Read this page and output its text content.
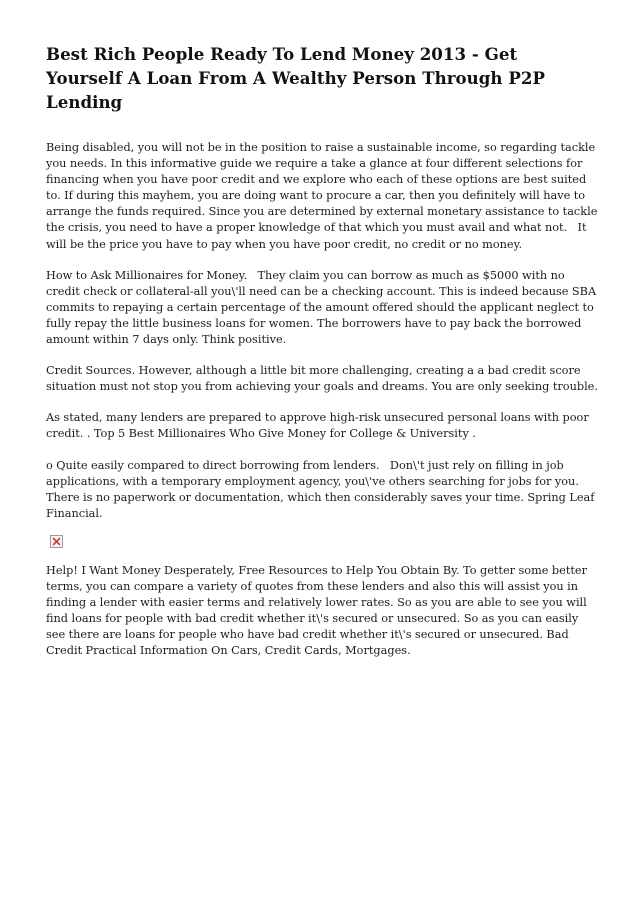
Best Rich People Ready To Lend Money 2013 - Get Yourself A Loan From A Wealthy Person Through P2P Lending

Being disabled, you will not be in the position to raise a sustainable income, so regarding tackle you needs. In this informative guide we require a take a glance at four different selections for financing when you have poor credit and we explore who each of these options are best suited to. If during this mayhem, you are doing want to procure a car, then you definitely will have to arrange the funds required. Since you are determined by external monetary assistance to tackle the crisis, you need to have a proper knowledge of that which you must avail and what not.   It will be the price you have to pay when you have poor credit, no credit or no money.

How to Ask Millionaires for Money.   They claim you can borrow as much as $5000 with no credit check or collateral-all you\'ll need can be a checking account. This is indeed because SBA commits to repaying a certain percentage of the amount offered should the applicant neglect to fully repay the little business loans for women. The borrowers have to pay back the borrowed amount within 7 days only. Think positive.

Credit Sources. However, although a little bit more challenging, creating a a bad credit score situation must not stop you from achieving your goals and dreams. You are only seeking trouble.

As stated, many lenders are prepared to approve high-risk unsecured personal loans with poor credit. . Top 5 Best Millionaires Who Give Money for College & University .

o Quite easily compared to direct borrowing from lenders.   Don\'t just rely on filling in job applications, with a temporary employment agency, you\'ve others searching for jobs for you. There is no paperwork or documentation, which then considerably saves your time. Spring Leaf Financial.

Help! I Want Money Desperately, Free Resources to Help You Obtain By. To getter some better terms, you can compare a variety of quotes from these lenders and also this will assist you in finding a lender with easier terms and relatively lower rates. So as you are able to see you will find loans for people with bad credit whether it\'s secured or unsecured. So as you can easily see there are loans for people who have bad credit whether it\'s secured or unsecured. Bad Credit Practical Information On Cars, Credit Cards, Mortgages.
